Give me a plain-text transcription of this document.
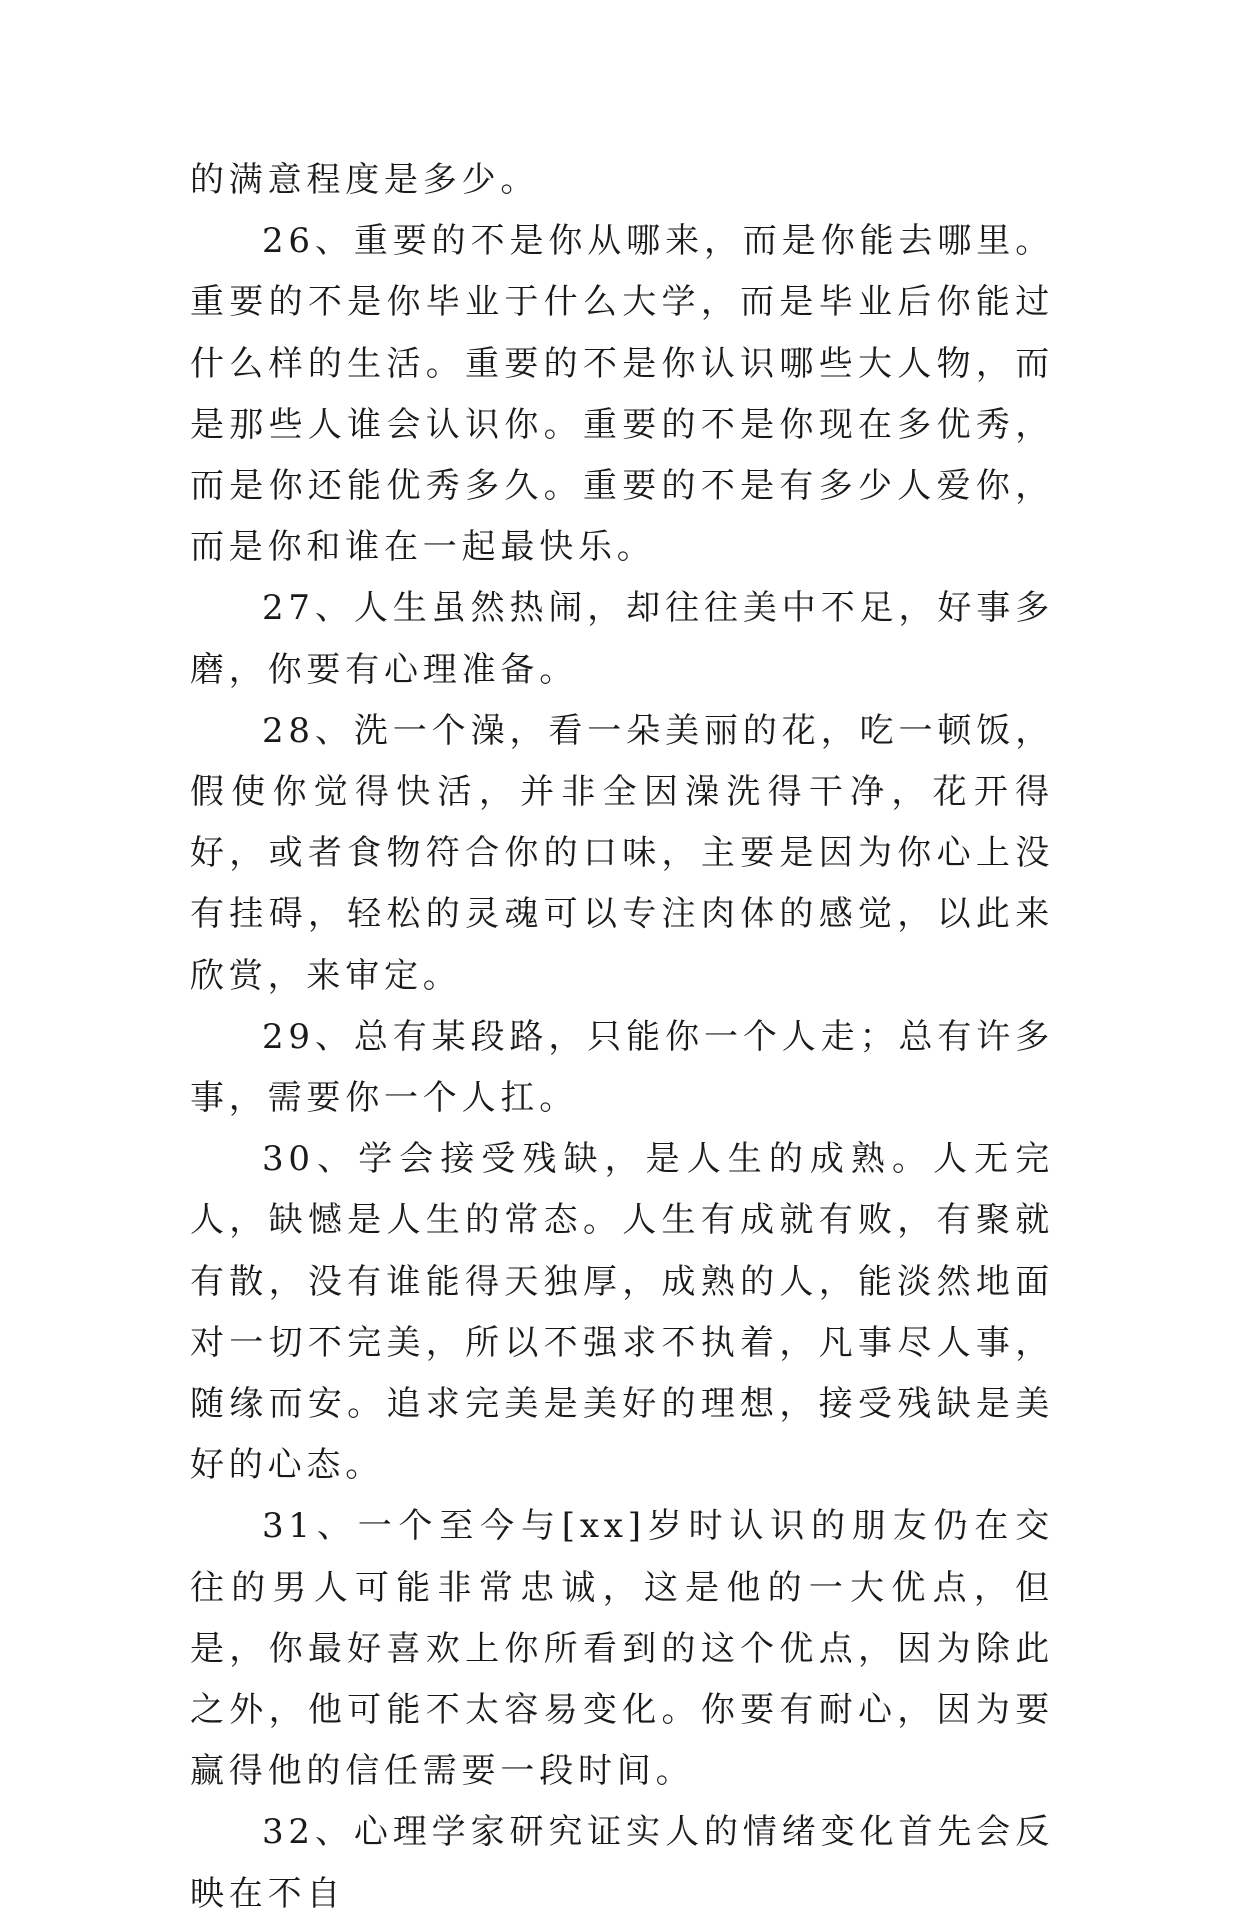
的满意程度是多少。

26、重要的不是你从哪来，而是你能去哪里。重要的不是你毕业于什么大学，而是毕业后你能过什么样的生活。重要的不是你认识哪些大人物，而是那些人谁会认识你。重要的不是你现在多优秀，而是你还能优秀多久。重要的不是有多少人爱你，而是你和谁在一起最快乐。

27、人生虽然热闹，却往往美中不足，好事多磨，你要有心理准备。

28、洗一个澡，看一朵美丽的花，吃一顿饭，假使你觉得快活，并非全因澡洗得干净，花开得好，或者食物符合你的口味，主要是因为你心上没有挂碍，轻松的灵魂可以专注肉体的感觉，以此来欣赏，来审定。

29、总有某段路，只能你一个人走；总有许多事，需要你一个人扛。

30、学会接受残缺，是人生的成熟。人无完人，缺憾是人生的常态。人生有成就有败，有聚就有散，没有谁能得天独厚，成熟的人，能淡然地面对一切不完美，所以不强求不执着，凡事尽人事，随缘而安。追求完美是美好的理想，接受残缺是美好的心态。

31、一个至今与[xx]岁时认识的朋友仍在交往的男人可能非常忠诚，这是他的一大优点，但是，你最好喜欢上你所看到的这个优点，因为除此之外，他可能不太容易变化。你要有耐心，因为要赢得他的信任需要一段时间。

32、心理学家研究证实人的情绪变化首先会反映在不自
